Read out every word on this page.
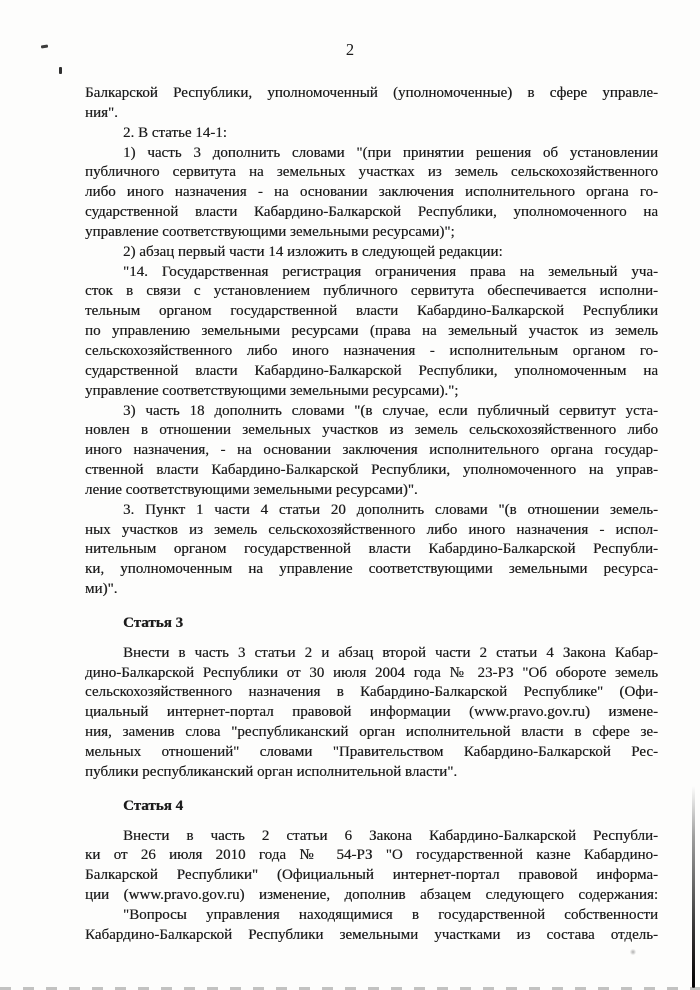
2
Балкарской Республики, уполномоченный (уполномоченные) в сфере управле-
ния".
2. В статье 14-1:
1) часть 3 дополнить словами "(при принятии решения об установлении
публичного сервитута на земельных участках из земель сельскохозяйственного
либо иного назначения - на основании заключения исполнительного органа го-
сударственной власти Кабардино-Балкарской Республики, уполномоченного на
управление соответствующими земельными ресурсами)";
2) абзац первый части 14 изложить в следующей редакции:
"14. Государственная регистрация ограничения права на земельный уча-
сток в связи с установлением публичного сервитута обеспечивается исполни-
тельным органом государственной власти Кабардино-Балкарской Республики
по управлению земельными ресурсами (права на земельный участок из земель
сельскохозяйственного либо иного назначения - исполнительным органом го-
сударственной власти Кабардино-Балкарской Республики, уполномоченным на
управление соответствующими земельными ресурсами).";
3) часть 18 дополнить словами "(в случае, если публичный сервитут уста-
новлен в отношении земельных участков из земель сельскохозяйственного либо
иного назначения, - на основании заключения исполнительного органа государ-
ственной власти Кабардино-Балкарской Республики, уполномоченного на управ-
ление соответствующими земельными ресурсами)".
3. Пункт 1 части 4 статьи 20 дополнить словами "(в отношении земель-
ных участков из земель сельскохозяйственного либо иного назначения - испол-
нительным органом государственной власти Кабардино-Балкарской Республи-
ки, уполномоченным на управление соответствующими земельными ресурса-
ми)".
Статья 3
Внести в часть 3 статьи 2 и абзац второй части 2 статьи 4 Закона Кабар-
дино-Балкарской Республики от 30 июля 2004 года № 23-РЗ "Об обороте земель
сельскохозяйственного назначения в Кабардино-Балкарской Республике" (Офи-
циальный интернет-портал правовой информации (www.pravo.gov.ru) измене-
ния, заменив слова "республиканский орган исполнительной власти в сфере зе-
мельных отношений" словами "Правительством Кабардино-Балкарской Рес-
публики республиканский орган исполнительной власти".
Статья 4
Внести в часть 2 статьи 6 Закона Кабардино-Балкарской Республи-
ки от 26 июля 2010 года № 54-РЗ "О государственной казне Кабардино-
Балкарской Республики" (Официальный интернет-портал правовой информа-
ции (www.pravo.gov.ru) изменение, дополнив абзацем следующего содержания:
"Вопросы управления находящимися в государственной собственности
Кабардино-Балкарской Республики земельными участками из состава отдель-
